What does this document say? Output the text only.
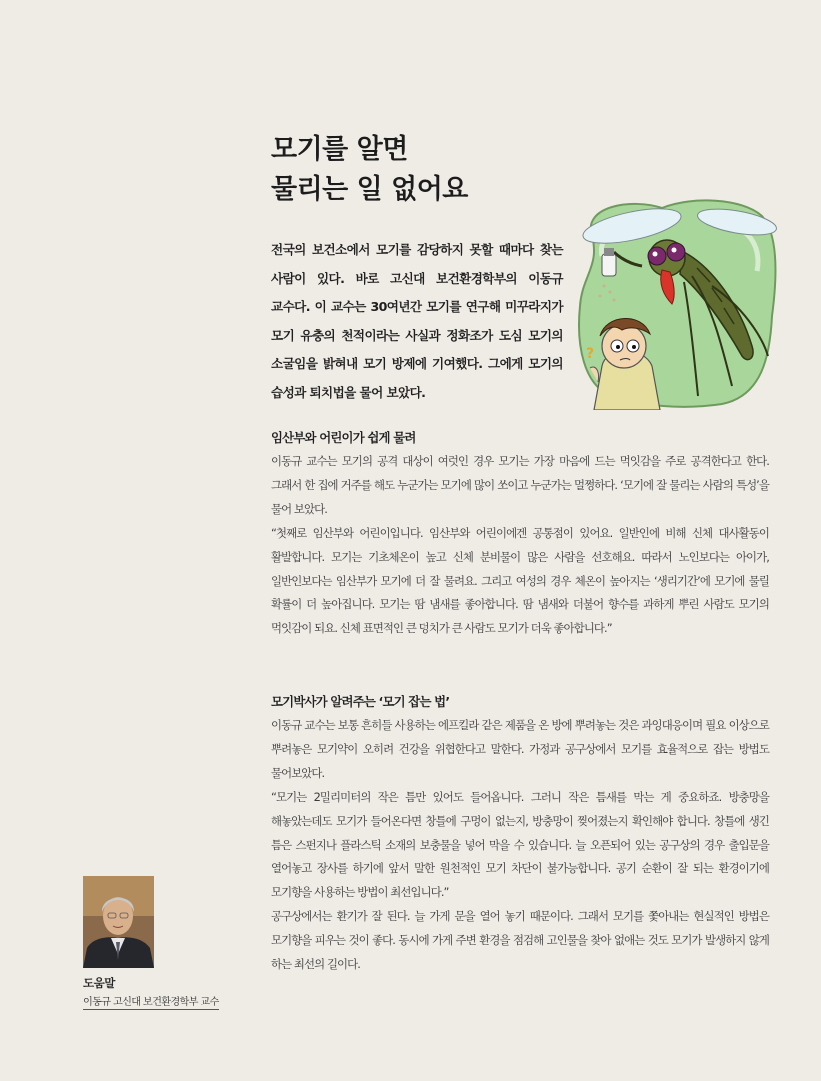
모기를 알면
물리는 일 없어요
전국의 보건소에서 모기를 감당하지 못할 때마다 찾는 사람이 있다. 바로 고신대 보건환경학부의 이동규 교수다. 이 교수는 30여년간 모기를 연구해 미꾸라지가 모기 유충의 천적이라는 사실과 정화조가 도심 모기의 소굴임을 밝혀내 모기 방제에 기여했다. 그에게 모기의 습성과 퇴치법을 물어 보았다.
?
임산부와 어린이가 쉽게 물려

이동규 교수는 모기의 공격 대상이 여럿인 경우 모기는 가장 마음에 드는 먹잇감을 주로 공격한다고 한다. 그래서 한 집에 거주를 해도 누군가는 모기에 많이 쏘이고 누군가는 멀쩡하다. ‘모기에 잘 물리는 사람의 특성’을 물어 보았다.

“첫째로 임산부와 어린이입니다. 임산부와 어린이에겐 공통점이 있어요. 일반인에 비해 신체 대사활동이 활발합니다. 모기는 기초체온이 높고 신체 분비물이 많은 사람을 선호해요. 따라서 노인보다는 아이가, 일반인보다는 임산부가 모기에 더 잘 물려요. 그리고 여성의 경우 체온이 높아지는 ‘생리기간’에 모기에 물릴 확률이 더 높아집니다. 모기는 땀 냄새를 좋아합니다. 땀 냄새와 더불어 향수를 과하게 뿌린 사람도 모기의 먹잇감이 되요. 신체 표면적인 큰 덩치가 큰 사람도 모기가 더욱 좋아합니다.”

모기박사가 알려주는 ‘모기 잡는 법’

이동규 교수는 보통 흔히들 사용하는 에프킬라 같은 제품을 온 방에 뿌려놓는 것은 과잉대응이며 필요 이상으로 뿌려놓은 모기약이 오히려 건강을 위협한다고 말한다. 가정과 공구상에서 모기를 효율적으로 잡는 방법도 물어보았다.

“모기는 2밀리미터의 작은 틈만 있어도 들어옵니다. 그러니 작은 틈새를 막는 게 중요하죠. 방충망을 해놓았는데도 모기가 들어온다면 창틀에 구멍이 없는지, 방충망이 찢어졌는지 확인해야 합니다. 창틀에 생긴 틈은 스펀지나 플라스틱 소재의 보충물을 넣어 막을 수 있습니다. 늘 오픈되어 있는 공구상의 경우 출입문을 열어놓고 장사를 하기에 앞서 말한 원천적인 모기 차단이 불가능합니다. 공기 순환이 잘 되는 환경이기에 모기향을 사용하는 방법이 최선입니다.”

공구상에서는 환기가 잘 된다. 늘 가게 문을 열어 놓기 때문이다. 그래서 모기를 쫓아내는 현실적인 방법은 모기향을 피우는 것이 좋다. 동시에 가게 주변 환경을 점검해 고인물을 찾아 없애는 것도 모기가 발생하지 않게 하는 최선의 길이다.

도움말
이동규 고신대 보건환경학부 교수
